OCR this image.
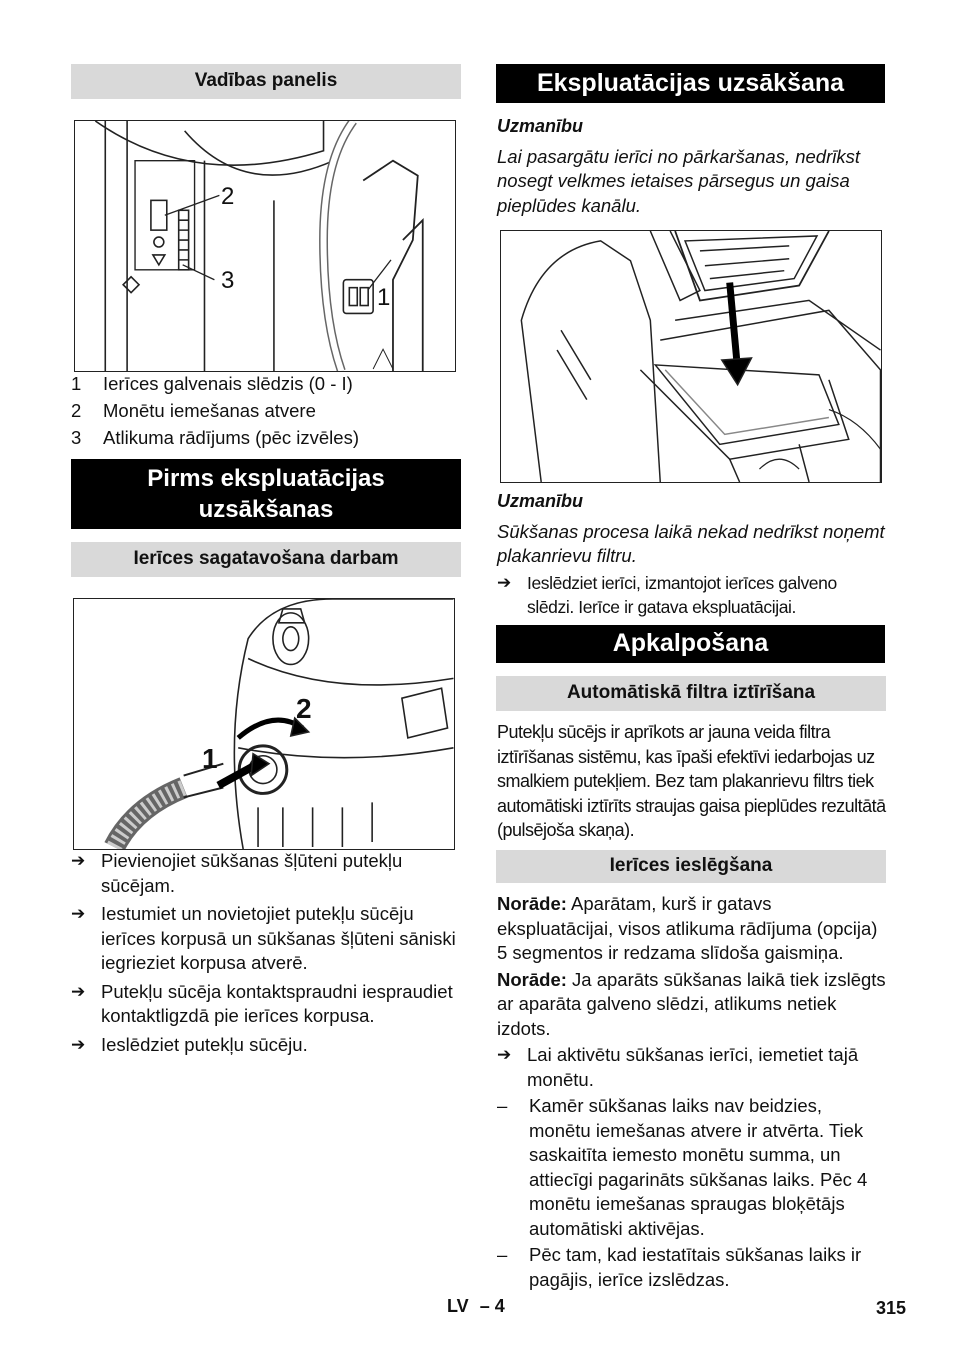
Vadības panelis
2
3
1
1	Ierīces galvenais slēdzis (0 - I)
2	Monētu iemešanas atvere
3	Atlikuma rādījums (pēc izvēles)
Pirms ekspluatācijas
uzsākšanas
Ierīces sagatavošana darbam
1
2
➔ Pievienojiet sūkšanas šļūteni putekļu sūcējam.
➔ Iestumiet un novietojiet putekļu sūcēju ierīces korpusā un sūkšanas šļūteni sāniski iegrieziet korpusa atverē.
➔ Putekļu sūcēja kontaktspraudni iespraudiet kontaktligzdā pie ierīces korpusa.
➔ Ieslēdziet putekļu sūcēju.
Ekspluatācijas uzsākšana
Uzmanību
Lai pasargātu ierīci no pārkaršanas, nedrīkst nosegt velkmes ietaises pārsegus un gaisa pieplūdes kanālu.
Uzmanību
Sūkšanas procesa laikā nekad nedrīkst noņemt plakanrievu filtru.
➔ Ieslēdziet ierīci, izmantojot ierīces galveno slēdzi. Ierīce ir gatava ekspluatācijai.
Apkalpošana
Automātiskā filtra iztīrīšana
Putekļu sūcējs ir aprīkots ar jauna veida filtra iztīrīšanas sistēmu, kas īpaši efektīvi iedarbojas uz smalkiem putekļiem. Bez tam plakanrievu filtrs tiek automātiski iztīrīts straujas gaisa pieplūdes rezultātā (pulsējoša skaņa).
Ierīces ieslēgšana
Norāde: Aparātam, kurš ir gatavs ekspluatācijai, visos atlikuma rādījuma (opcija) 5 segmentos ir redzama slīdoša gaismiņa.
Norāde: Ja aparāts sūkšanas laikā tiek izslēgts ar aparāta galveno slēdzi, atlikums netiek izdots.
➔ Lai aktivētu sūkšanas ierīci, iemetiet tajā monētu.
–	Kamēr sūkšanas laiks nav beidzies, monētu iemešanas atvere ir atvērta. Tiek saskaitīta iemesto monētu summa, un attiecīgi pagarināts sūkšanas laiks. Pēc 4 monētu iemešanas spraugas bloķētājs automātiski aktivējas.
–	Pēc tam, kad iestatītais sūkšanas laiks ir pagājis, ierīce izslēdzas.
LV – 4	315
